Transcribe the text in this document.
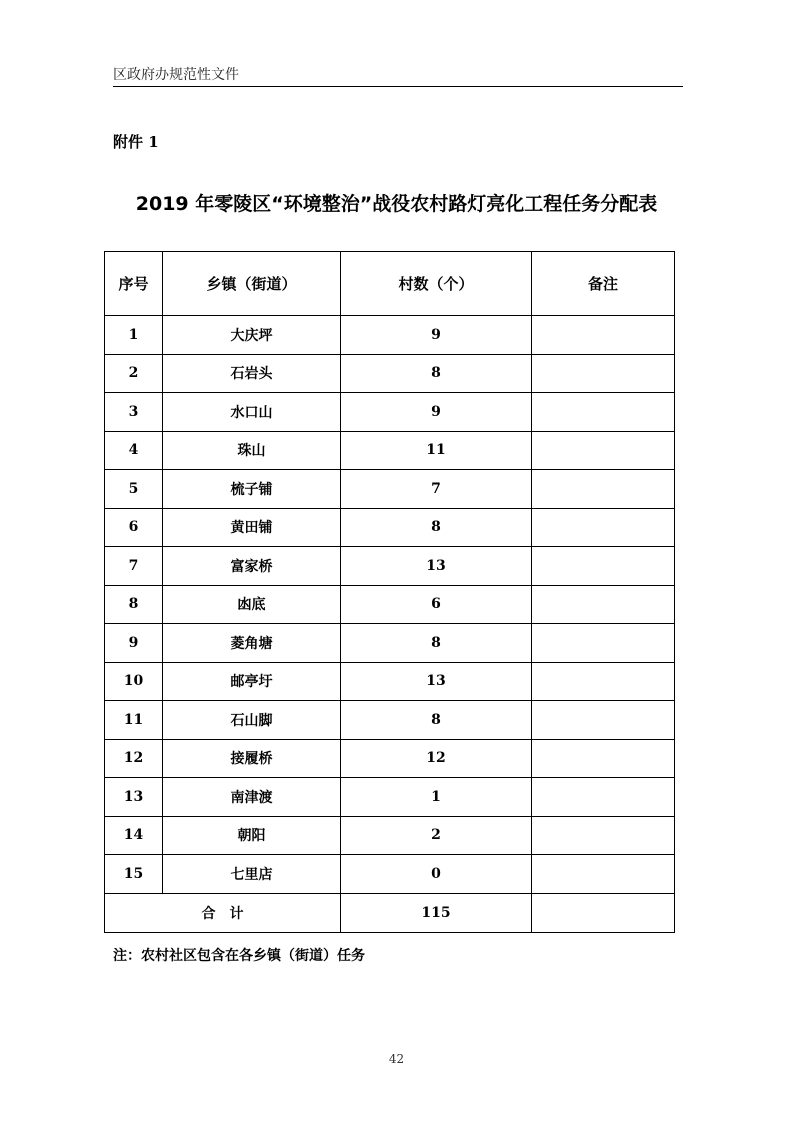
区政府办规范性文件
附件 1
2019 年零陵区“环境整治”战役农村路灯亮化工程任务分配表
序号	乡镇（街道）	村数（个）	备注
1	大庆坪	9	
2	石岩头	8	
3	水口山	9	
4	珠山	11	
5	梳子铺	7	
6	黄田铺	8	
7	富家桥	13	
8	凼底	6	
9	菱角塘	8	
10	邮亭圩	13	
11	石山脚	8	
12	接履桥	12	
13	南津渡	1	
14	朝阳	2	
15	七里店	0	
合　计		115	
注：农村社区包含在各乡镇（街道）任务
42
